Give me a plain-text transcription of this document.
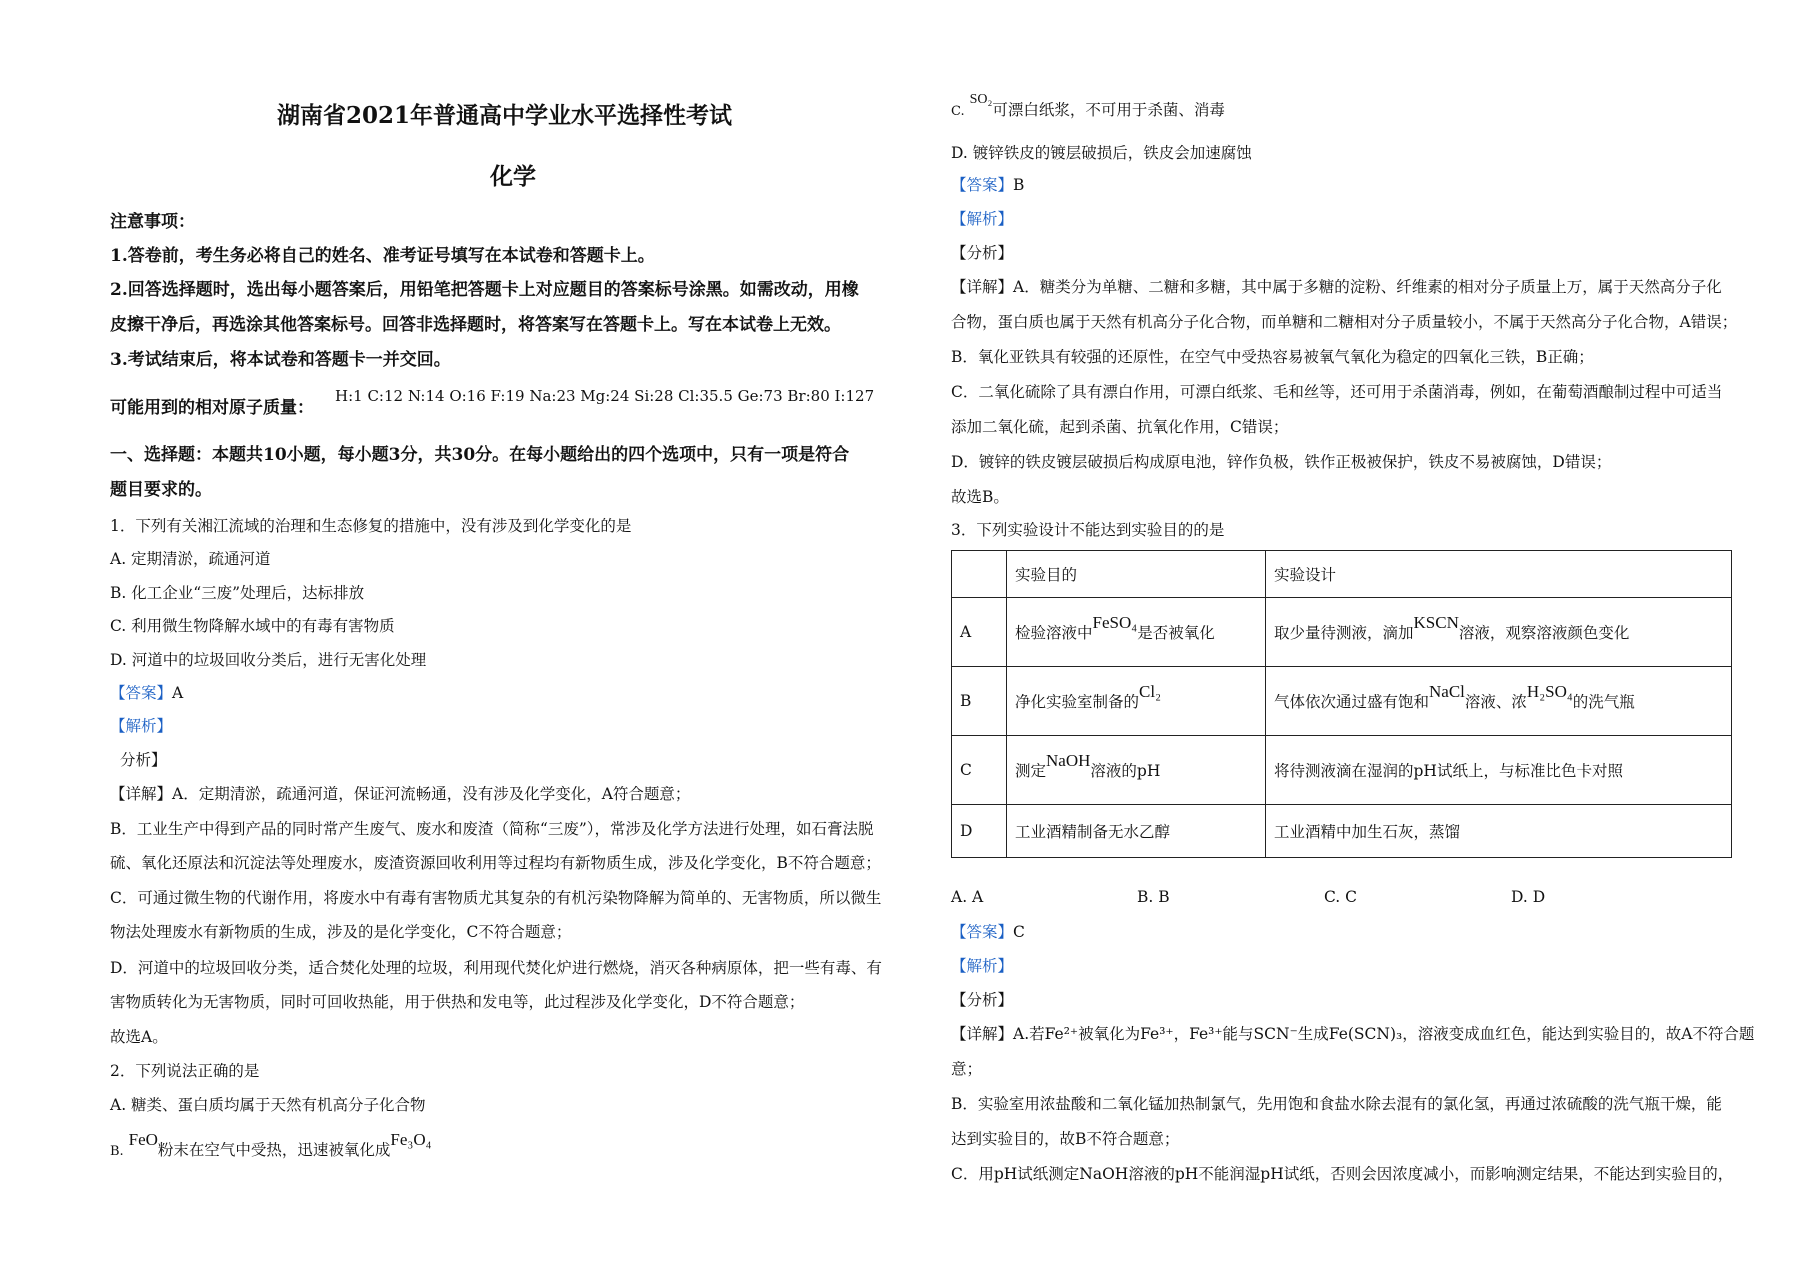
湖南省2021年普通高中学业水平选择性考试
化学
注意事项：
1.答卷前，考生务必将自己的姓名、准考证号填写在本试卷和答题卡上。
2.回答选择题时，选出每小题答案后，用铅笔把答题卡上对应题目的答案标号涂黑。如需改动，用橡
皮擦干净后，再选涂其他答案标号。回答非选择题时，将答案写在答题卡上。写在本试卷上无效。
3.考试结束后，将本试卷和答题卡一并交回。
可能用到的相对原子质量：
H:1 C:12 N:14 O:16 F:19 Na:23 Mg:24 Si:28 Cl:35.5 Ge:73 Br:80 I:127
一、选择题：本题共10小题，每小题3分，共30分。在每小题给出的四个选项中，只有一项是符合
题目要求的。
1．下列有关湘江流域的治理和生态修复的措施中，没有涉及到化学变化的是
A. 定期清淤，疏通河道
B. 化工企业“三废”处理后，达标排放
C. 利用微生物降解水域中的有毒有害物质
D. 河道中的垃圾回收分类后，进行无害化处理
【答案】A
【解析】
分析】
【详解】A．定期清淤，疏通河道，保证河流畅通，没有涉及化学变化，A符合题意；
B．工业生产中得到产品的同时常产生废气、废水和废渣（简称“三废”），常涉及化学方法进行处理，如石膏法脱
硫、氧化还原法和沉淀法等处理废水，废渣资源回收利用等过程均有新物质生成，涉及化学变化，B不符合题意；
C．可通过微生物的代谢作用，将废水中有毒有害物质尤其复杂的有机污染物降解为简单的、无害物质，所以微生
物法处理废水有新物质的生成，涉及的是化学变化，C不符合题意；
D．河道中的垃圾回收分类，适合焚化处理的垃圾，利用现代焚化炉进行燃烧，消灭各种病原体，把一些有毒、有
害物质转化为无害物质，同时可回收热能，用于供热和发电等，此过程涉及化学变化，D不符合题意；
故选A。
2．下列说法正确的是
A. 糖类、蛋白质均属于天然有机高分子化合物
B. FeO粉末在空气中受热，迅速被氧化成Fe₃O₄
C. SO₂可漂白纸浆，不可用于杀菌、消毒
D. 镀锌铁皮的镀层破损后，铁皮会加速腐蚀
【答案】B
【解析】
【分析】
【详解】A．糖类分为单糖、二糖和多糖，其中属于多糖的淀粉、纤维素的相对分子质量上万，属于天然高分子化
合物，蛋白质也属于天然有机高分子化合物，而单糖和二糖相对分子质量较小，不属于天然高分子化合物，A错误；
B．氧化亚铁具有较强的还原性，在空气中受热容易被氧气氧化为稳定的四氧化三铁，B正确；
C．二氧化硫除了具有漂白作用，可漂白纸浆、毛和丝等，还可用于杀菌消毒，例如，在葡萄酒酿制过程中可适当
添加二氧化硫，起到杀菌、抗氧化作用，C错误；
D．镀锌的铁皮镀层破损后构成原电池，锌作负极，铁作正极被保护，铁皮不易被腐蚀，D错误；
故选B。
3．下列实验设计不能达到实验目的的是
	实验目的	实验设计
A	检验溶液中FeSO₄是否被氧化	取少量待测液，滴加KSCN溶液，观察溶液颜色变化
B	净化实验室制备的Cl₂	气体依次通过盛有饱和NaCl溶液、浓H₂SO₄的洗气瓶
C	测定NaOH溶液的pH	将待测液滴在湿润的pH试纸上，与标准比色卡对照
D	工业酒精制备无水乙醇	工业酒精中加生石灰，蒸馏
A. A	B. B	C. C	D. D
【答案】C
【解析】
【分析】
【详解】A.若Fe²⁺被氧化为Fe³⁺，Fe³⁺能与SCN⁻生成Fe(SCN)₃，溶液变成血红色，能达到实验目的，故A不符合题
意；
B．实验室用浓盐酸和二氧化锰加热制氯气，先用饱和食盐水除去混有的氯化氢，再通过浓硫酸的洗气瓶干燥，能
达到实验目的，故B不符合题意；
C．用pH试纸测定NaOH溶液的pH不能润湿pH试纸，否则会因浓度减小，而影响测定结果，不能达到实验目的，
